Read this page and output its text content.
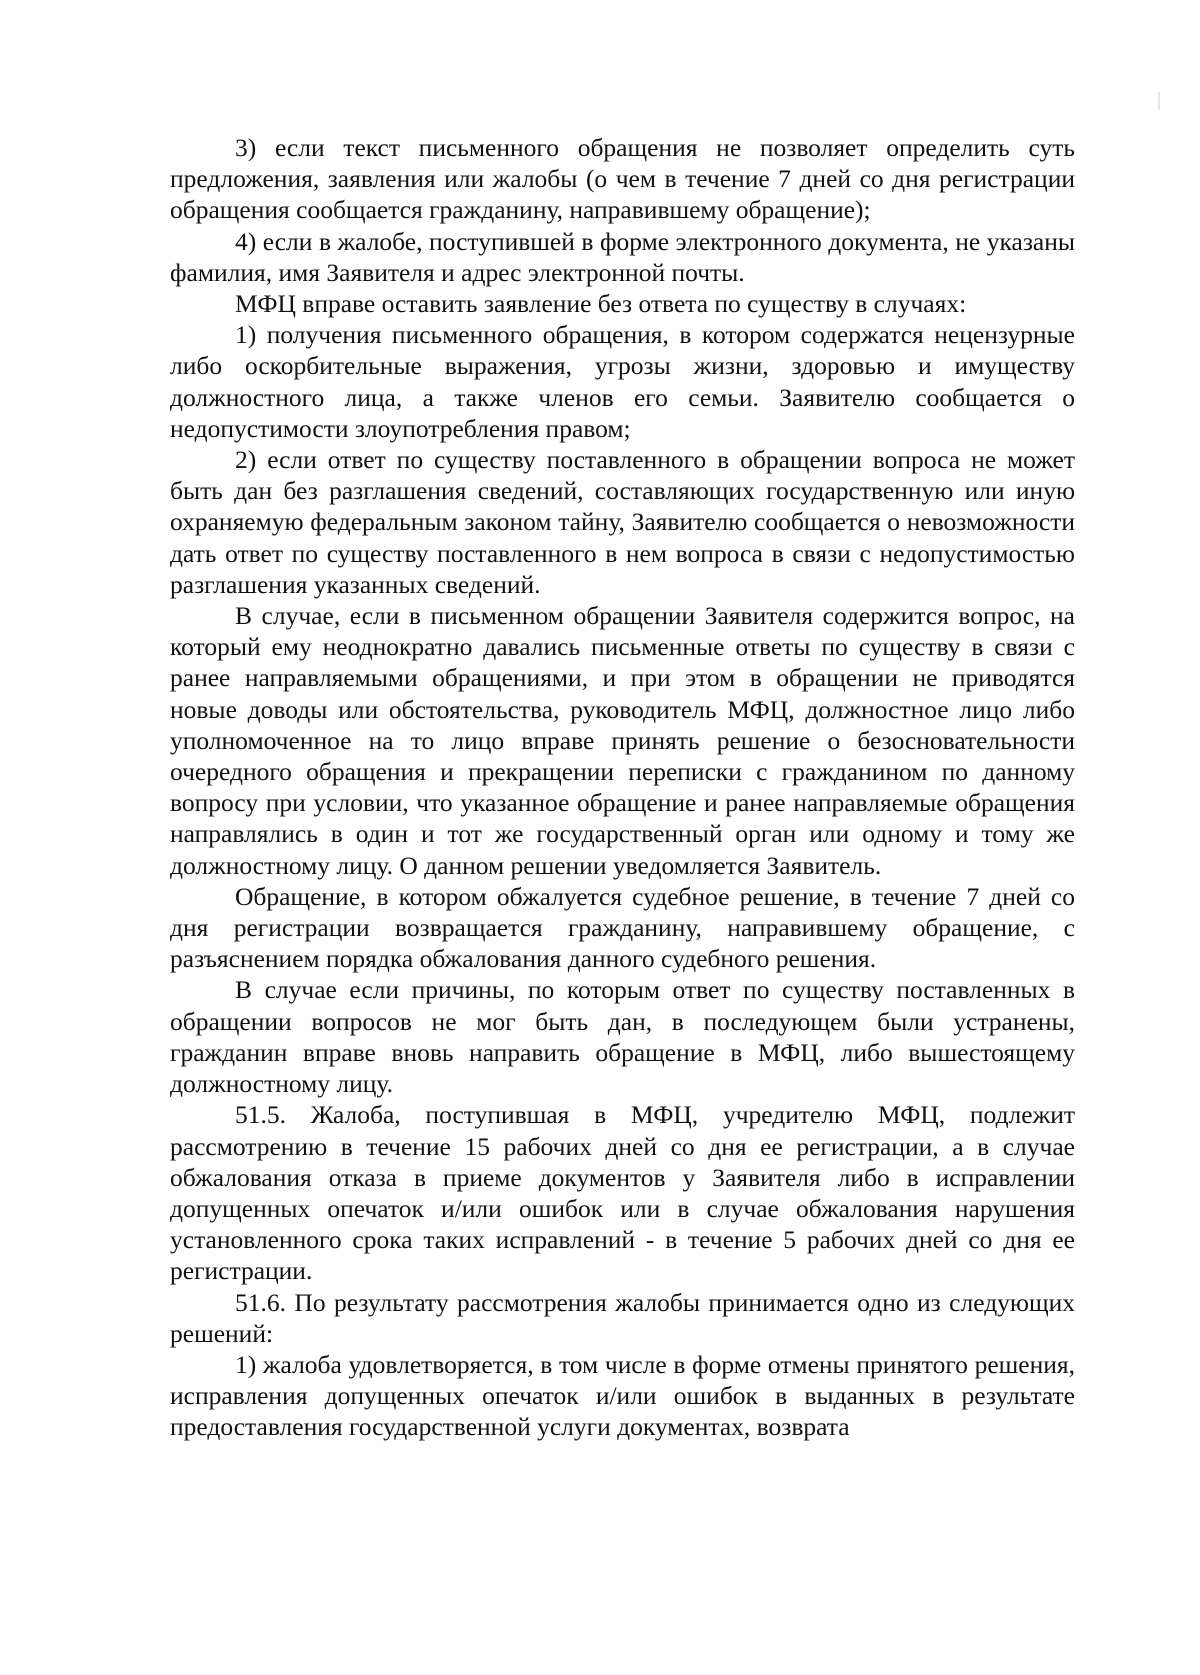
3) если текст письменного обращения не позволяет определить суть предложения, заявления или жалобы (о чем в течение 7 дней со дня регистрации обращения сообщается гражданину, направившему обращение);

4) если в жалобе, поступившей в форме электронного документа, не указаны фамилия, имя Заявителя и адрес электронной почты.

МФЦ вправе оставить заявление без ответа по существу в случаях:

1) получения письменного обращения, в котором содержатся нецензурные либо оскорбительные выражения, угрозы жизни, здоровью и имуществу должностного лица, а также членов его семьи. Заявителю сообщается о недопустимости злоупотребления правом;

2) если ответ по существу поставленного в обращении вопроса не может быть дан без разглашения сведений, составляющих государственную или иную охраняемую федеральным законом тайну, Заявителю сообщается о невозможности дать ответ по существу поставленного в нем вопроса в связи с недопустимостью разглашения указанных сведений.

В случае, если в письменном обращении Заявителя содержится вопрос, на который ему неоднократно давались письменные ответы по существу в связи с ранее направляемыми обращениями, и при этом в обращении не приводятся новые доводы или обстоятельства, руководитель МФЦ, должностное лицо либо уполномоченное на то лицо вправе принять решение о безосновательности очередного обращения и прекращении переписки с гражданином по данному вопросу при условии, что указанное обращение и ранее направляемые обращения направлялись в один и тот же государственный орган или одному и тому же должностному лицу. О данном решении уведомляется Заявитель.

Обращение, в котором обжалуется судебное решение, в течение 7 дней со дня регистрации возвращается гражданину, направившему обращение, с разъяснением порядка обжалования данного судебного решения.

В случае если причины, по которым ответ по существу поставленных в обращении вопросов не мог быть дан, в последующем были устранены, гражданин вправе вновь направить обращение в МФЦ, либо вышестоящему должностному лицу.

51.5. Жалоба, поступившая в МФЦ, учредителю МФЦ, подлежит рассмотрению в течение 15 рабочих дней со дня ее регистрации, а в случае обжалования отказа в приеме документов у Заявителя либо в исправлении допущенных опечаток и/или ошибок или в случае обжалования нарушения установленного срока таких исправлений - в течение 5 рабочих дней со дня ее регистрации.

51.6. По результату рассмотрения жалобы принимается одно из следующих решений:

1) жалоба удовлетворяется, в том числе в форме отмены принятого решения, исправления допущенных опечаток и/или ошибок в выданных в результате предоставления государственной услуги документах, возврата
